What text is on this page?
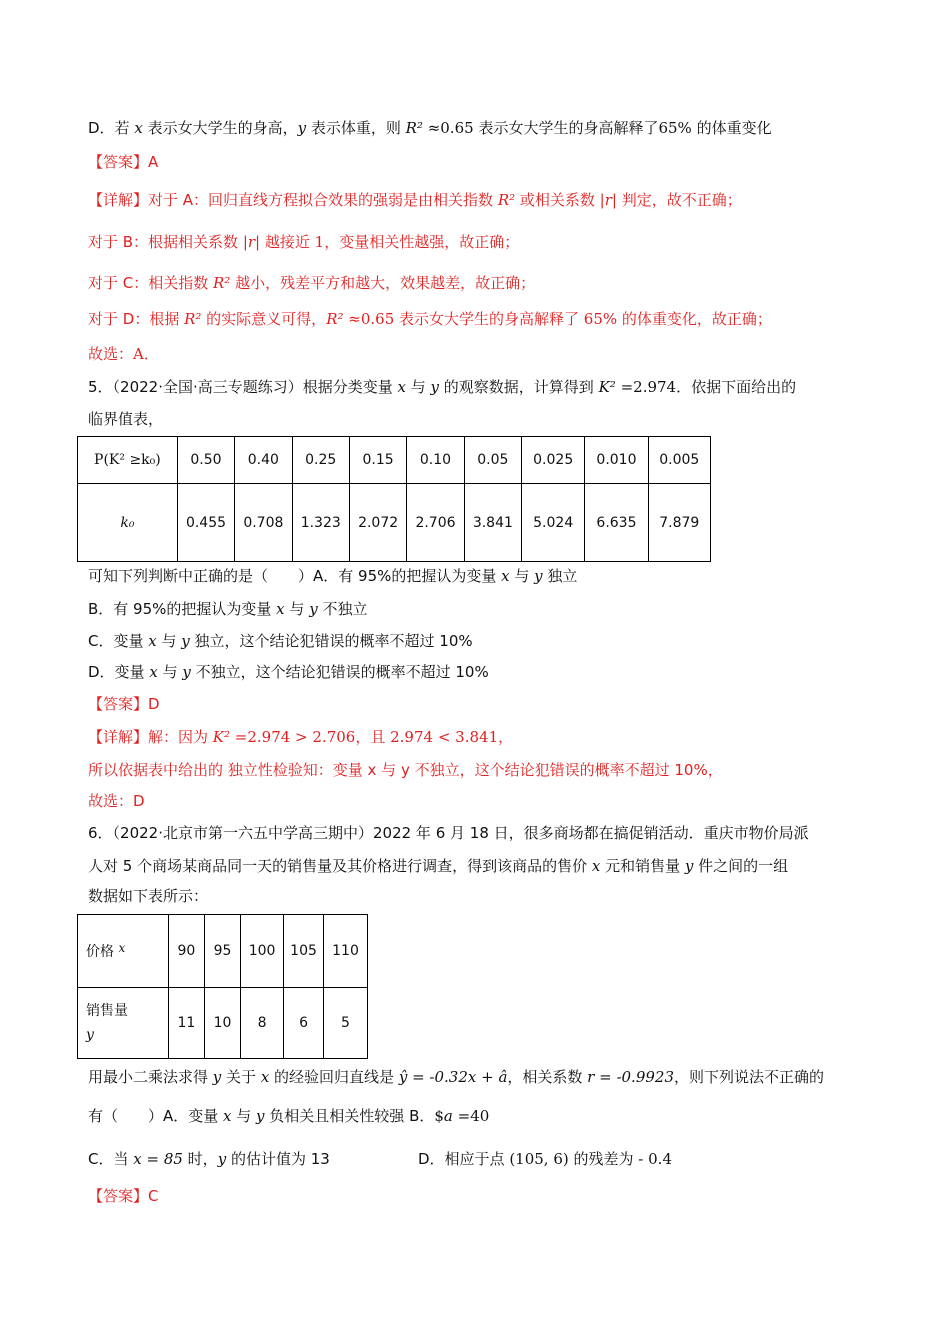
D．若 x 表示女大学生的身高，y 表示体重，则 R² ≈0.65 表示女大学生的身高解释了65% 的体重变化
【答案】A
【详解】对于 A：回归直线方程拟合效果的强弱是由相关指数 R² 或相关系数 |r| 判定，故不正确；
对于 B：根据相关系数 |r| 越接近 1，变量相关性越强，故正确；
对于 C：相关指数 R² 越小，残差平方和越大，效果越差，故正确；
对于 D：根据 R² 的实际意义可得，R² ≈0.65 表示女大学生的身高解释了 65% 的体重变化，故正确；
故选：A．
5．（2022·全国·高三专题练习）根据分类变量 x 与 y 的观察数据，计算得到 K² =2.974．依据下面给出的
临界值表，
P(K² ≥k₀)	0.50	0.40	0.25	0.15	0.10	0.05	0.025	0.010	0.005
k₀	0.455	0.708	1.323	2.072	2.706	3.841	5.024	6.635	7.879
可知下列判断中正确的是（　　）A．有 95%的把握认为变量 x 与 y 独立
B．有 95%的把握认为变量 x 与 y 不独立
C．变量 x 与 y 独立，这个结论犯错误的概率不超过 10%
D．变量 x 与 y 不独立，这个结论犯错误的概率不超过 10%
【答案】D
【详解】解：因为 K² =2.974 > 2.706，且 2.974 < 3.841，
所以依据表中给出的 独立性检验知：变量 x 与 y 不独立，这个结论犯错误的概率不超过 10%，
故选：D
6．（2022·北京市第一六五中学高三期中）2022 年 6 月 18 日，很多商场都在搞促销活动．重庆市物价局派
人对 5 个商场某商品同一天的销售量及其价格进行调查，得到该商品的售价 x 元和销售量 y 件之间的一组
数据如下表所示：
价格 x	90	95	100	105	110

销售量
y	11	10	8	6	5
用最小二乘法求得 y 关于 x 的经验回归直线是 ŷ = -0.32x + â，相关系数 r = -0.9923，则下列说法不正确的
有（　　）A．变量 x 与 y 负相关且相关性较强 B．$a =40
C．当 x = 85 时，y 的估计值为 13	D．相应于点 (105, 6) 的残差为 - 0.4
【答案】C
